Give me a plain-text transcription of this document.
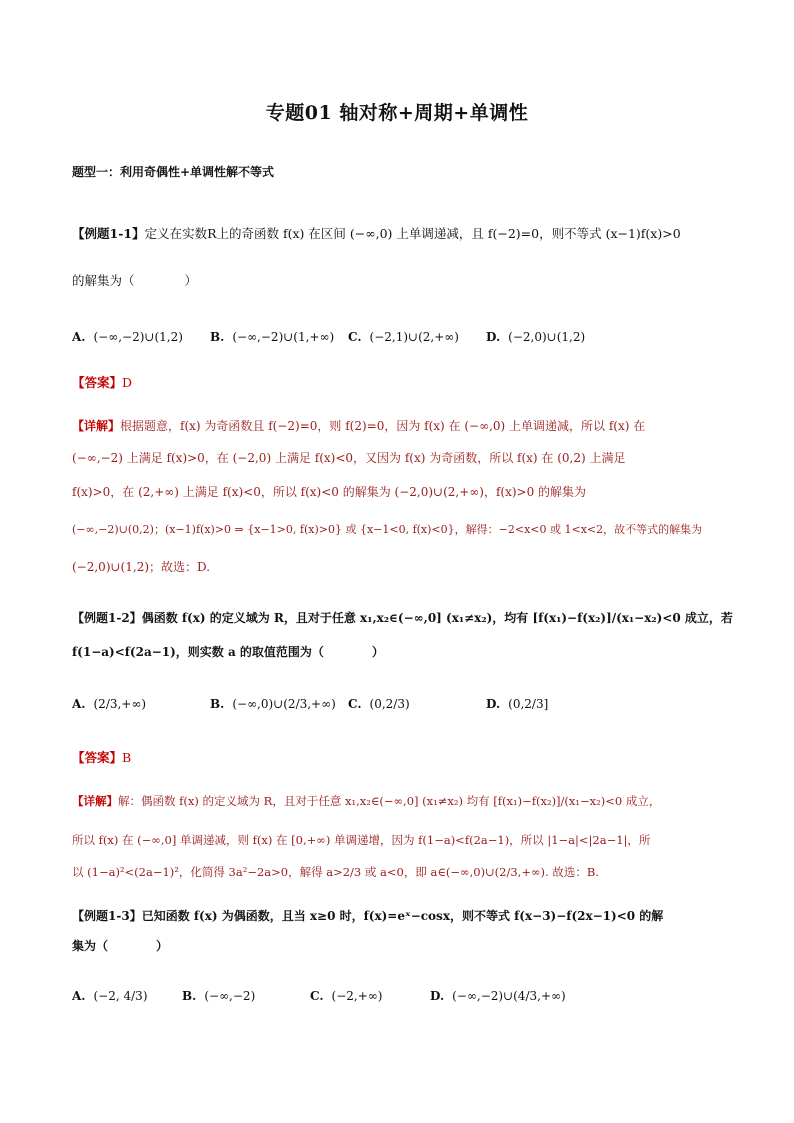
专题01 轴对称+周期+单调性
题型一：利用奇偶性+单调性解不等式
【例题1-1】定义在实数R上的奇函数 f(x) 在区间 (−∞,0) 上单调递减，且 f(−2)=0，则不等式 (x−1)f(x)>0
的解集为（　　　　）
A. (−∞,−2)∪(1,2) B. (−∞,−2)∪(1,+∞) C. (−2,1)∪(2,+∞) D. (−2,0)∪(1,2)
【答案】D
【详解】根据题意，f(x) 为奇函数且 f(−2)=0，则 f(2)=0，因为 f(x) 在 (−∞,0) 上单调递减，所以 f(x) 在
(−∞,−2) 上满足 f(x)>0，在 (−2,0) 上满足 f(x)<0，又因为 f(x) 为奇函数，所以 f(x) 在 (0,2) 上满足
f(x)>0，在 (2,+∞) 上满足 f(x)<0，所以 f(x)<0 的解集为 (−2,0)∪(2,+∞)，f(x)>0 的解集为
(−∞,−2)∪(0,2)；(x−1)f(x)>0 ⇒ {x−1>0, f(x)>0} 或 {x−1<0, f(x)<0}，解得：−2<x<0 或 1<x<2，故不等式的解集为
(−2,0)∪(1,2)；故选：D.
【例题1-2】偶函数 f(x) 的定义域为 R，且对于任意 x₁,x₂∈(−∞,0] (x₁≠x₂)，均有 [f(x₁)−f(x₂)]/(x₁−x₂)<0 成立，若
f(1−a)<f(2a−1)，则实数 a 的取值范围为（　　　　）
A. (2/3,+∞)	B. (−∞,0)∪(2/3,+∞) C. (0,2/3)	D. (0,2/3]
【答案】B
【详解】解：偶函数 f(x) 的定义域为 R，且对于任意 x₁,x₂∈(−∞,0] (x₁≠x₂) 均有 [f(x₁)−f(x₂)]/(x₁−x₂)<0 成立，
所以 f(x) 在 (−∞,0] 单调递减，则 f(x) 在 [0,+∞) 单调递增，因为 f(1−a)<f(2a−1)，所以 |1−a|<|2a−1|，所
以 (1−a)²<(2a−1)²，化简得 3a²−2a>0，解得 a>2/3 或 a<0，即 a∈(−∞,0)∪(2/3,+∞). 故选：B.
【例题1-3】已知函数 f(x) 为偶函数，且当 x≥0 时，f(x)=eˣ−cosx，则不等式 f(x−3)−f(2x−1)<0 的解
集为（　　　　）
A. (−2, 4/3)	B. (−∞,−2)	C. (−2,+∞)	D. (−∞,−2)∪(4/3,+∞)
